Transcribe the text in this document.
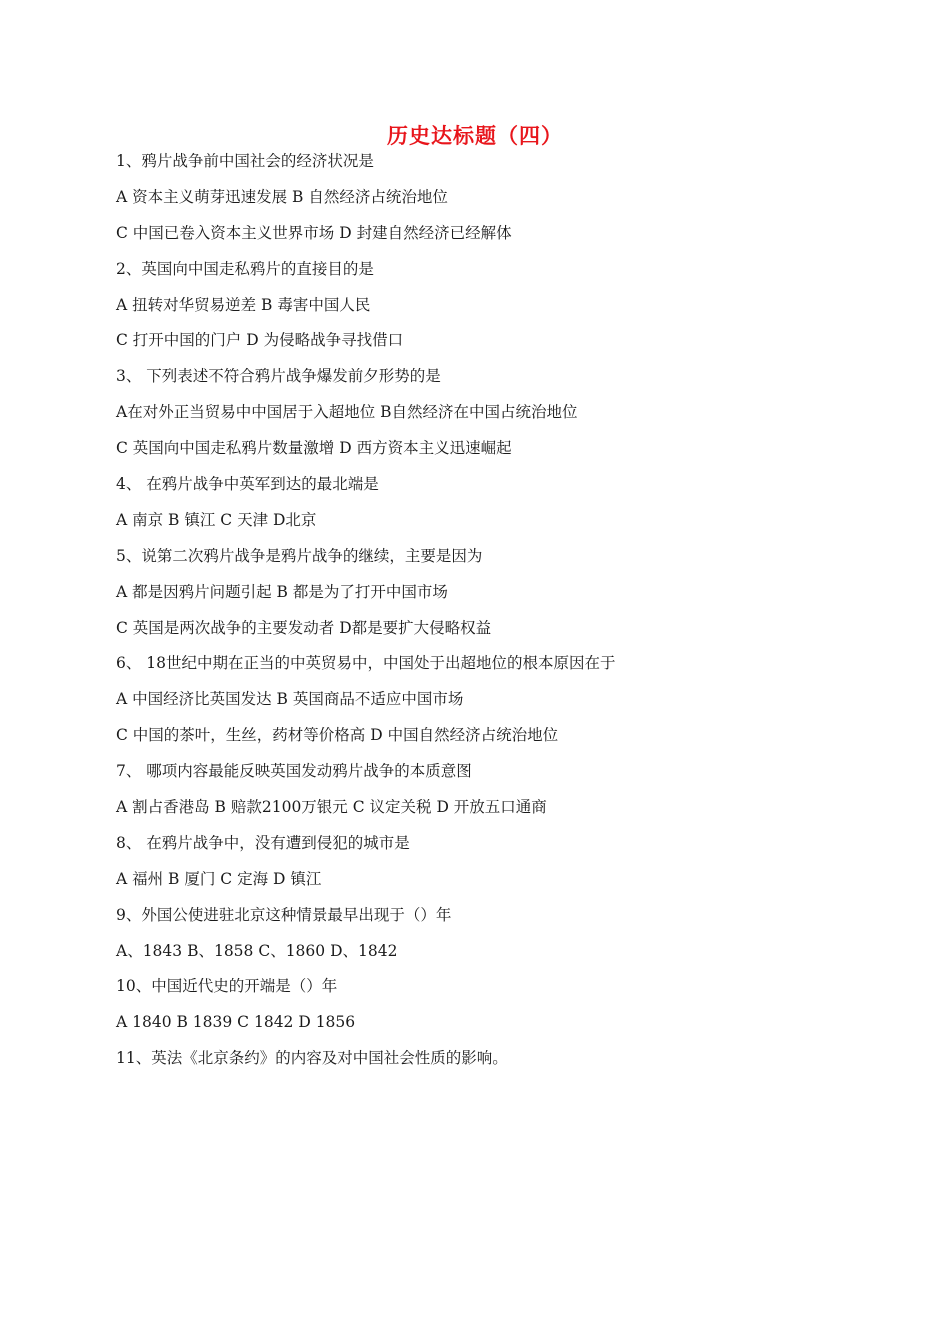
历史达标题（四）
1、鸦片战争前中国社会的经济状况是
A 资本主义萌芽迅速发展 B 自然经济占统治地位
C 中国已卷入资本主义世界市场 D 封建自然经济已经解体
2、英国向中国走私鸦片的直接目的是
A 扭转对华贸易逆差 B 毒害中国人民
C 打开中国的门户 D 为侵略战争寻找借口
3、 下列表述不符合鸦片战争爆发前夕形势的是
A在对外正当贸易中中国居于入超地位 B自然经济在中国占统治地位
C 英国向中国走私鸦片数量激增 D 西方资本主义迅速崛起
4、 在鸦片战争中英军到达的最北端是
A 南京 B 镇江 C 天津 D北京
5、说第二次鸦片战争是鸦片战争的继续，主要是因为
A 都是因鸦片问题引起 B 都是为了打开中国市场
C 英国是两次战争的主要发动者 D都是要扩大侵略权益
6、 18世纪中期在正当的中英贸易中，中国处于出超地位的根本原因在于
A 中国经济比英国发达 B 英国商品不适应中国市场
C 中国的茶叶，生丝，药材等价格高 D 中国自然经济占统治地位
7、 哪项内容最能反映英国发动鸦片战争的本质意图
A 割占香港岛 B 赔款2100万银元 C 议定关税 D 开放五口通商
8、 在鸦片战争中，没有遭到侵犯的城市是
A 福州 B 厦门 C 定海 D 镇江
9、外国公使进驻北京这种情景最早出现于（）年
A、1843 B、1858 C、1860 D、1842
10、中国近代史的开端是（）年
A 1840 B 1839 C 1842 D 1856
11、英法《北京条约》的内容及对中国社会性质的影响。
